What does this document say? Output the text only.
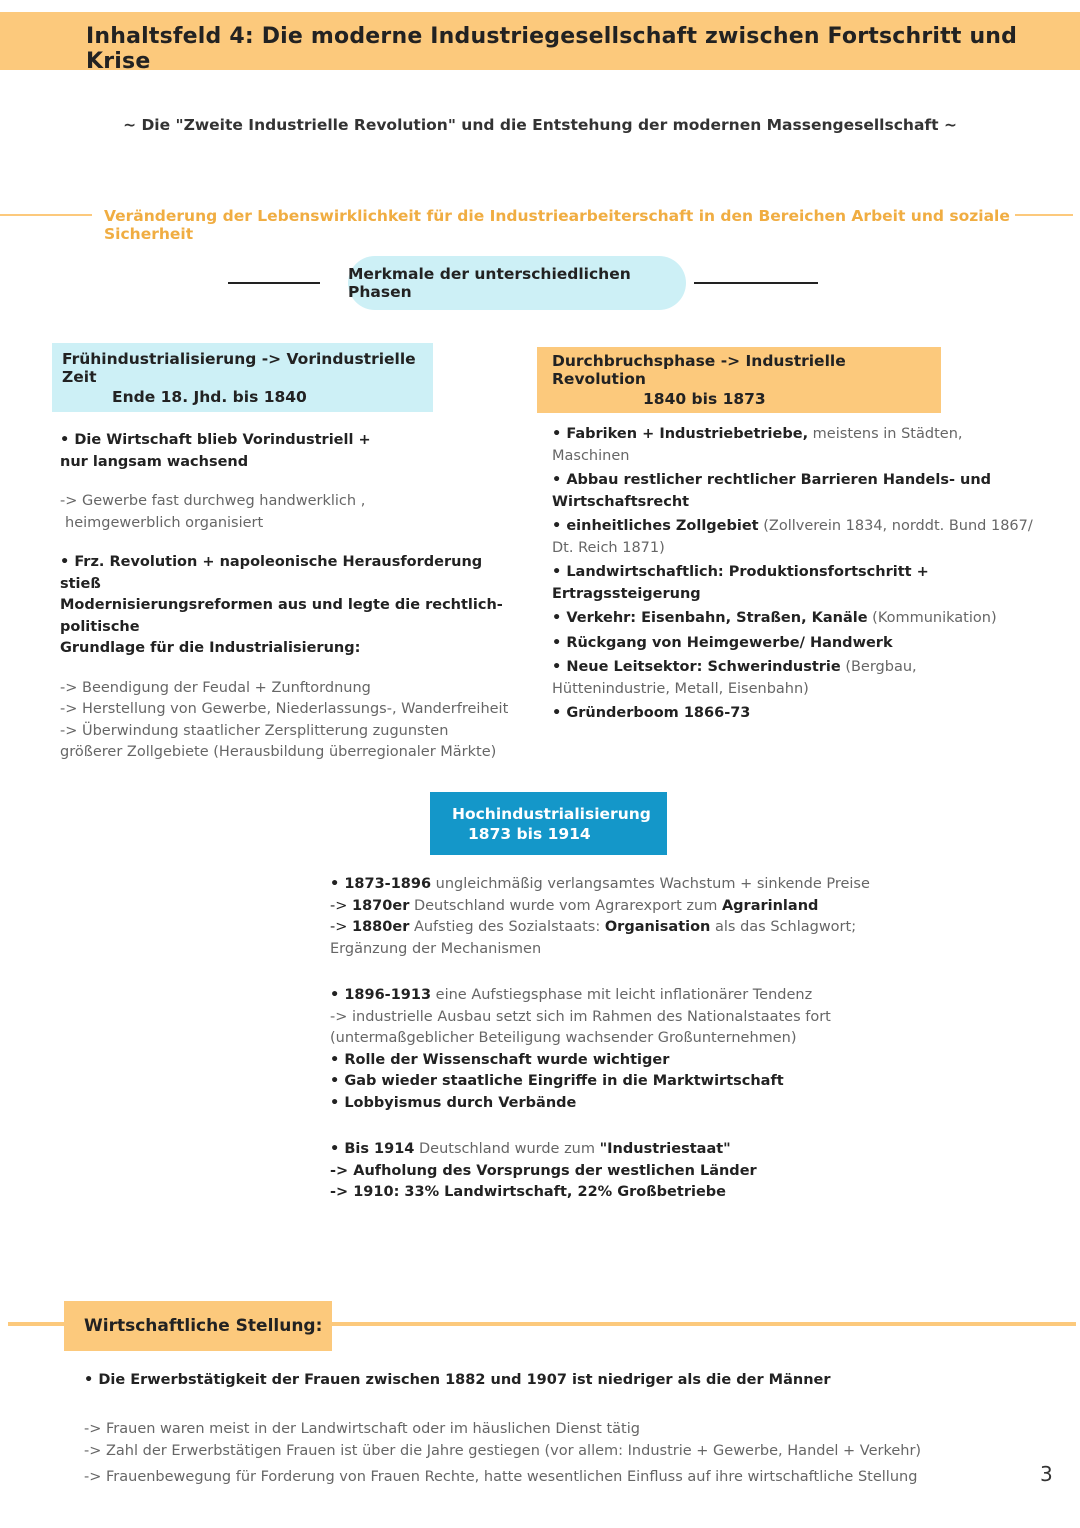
Inhaltsfeld 4: Die moderne Industriegesellschaft zwischen Fortschritt und Krise
~ Die "Zweite Industrielle Revolution" und die Entstehung der modernen Massengesellschaft ~
Veränderung der Lebenswirklichkeit für die Industriearbeiterschaft in den Bereichen Arbeit und soziale Sicherheit
Merkmale der unterschiedlichen Phasen
Frühindustrialisierung -> Vorindustrielle Zeit
Ende 18. Jhd. bis 1840
• Die Wirtschaft blieb Vorindustriell +
nur langsam wachsend
-> Gewerbe fast durchweg handwerklich ,
heimgewerblich organisiert
• Frz. Revolution + napoleonische Herausforderung stieß
Modernisierungsreformen aus und legte die rechtlich-
politische
Grundlage für die Industrialisierung:
-> Beendigung der Feudal + Zunftordnung
-> Herstellung von Gewerbe, Niederlassungs-, Wanderfreiheit
-> Überwindung staatlicher Zersplitterung zugunsten
größerer Zollgebiete (Herausbildung überregionaler Märkte)
Durchbruchsphase -> Industrielle Revolution
1840 bis 1873
• Fabriken + Industriebetriebe, meistens in Städten,
Maschinen
• Abbau restlicher rechtlicher Barrieren Handels- und
Wirtschaftsrecht
• einheitliches Zollgebiet (Zollverein 1834, norddt. Bund 1867/
Dt. Reich 1871)
• Landwirtschaftlich: Produktionsfortschritt +
Ertragssteigerung
• Verkehr: Eisenbahn, Straßen, Kanäle (Kommunikation)
• Rückgang von Heimgewerbe/ Handwerk
• Neue Leitsektor: Schwerindustrie (Bergbau,
Hüttenindustrie, Metall, Eisenbahn)
• Gründerboom 1866-73
Hochindustrialisierung
1873 bis 1914
• 1873-1896 ungleichmäßig verlangsamtes Wachstum + sinkende Preise
-> 1870er Deutschland wurde vom Agrarexport zum Agrarinland
-> 1880er Aufstieg des Sozialstaats: Organisation als das Schlagwort;
Ergänzung der Mechanismen
• 1896-1913 eine Aufstiegsphase mit leicht inflationärer Tendenz
-> industrielle Ausbau setzt sich im Rahmen des Nationalstaates fort
(untermaßgeblicher Beteiligung wachsender Großunternehmen)
• Rolle der Wissenschaft wurde wichtiger
• Gab wieder staatliche Eingriffe in die Marktwirtschaft
• Lobbyismus durch Verbände
• Bis 1914 Deutschland wurde zum "Industriestaat"
-> Aufholung des Vorsprungs der westlichen Länder
-> 1910: 33% Landwirtschaft, 22% Großbetriebe
Wirtschaftliche Stellung:
• Die Erwerbstätigkeit der Frauen zwischen 1882 und 1907 ist niedriger als die der Männer
-> Frauen waren meist in der Landwirtschaft oder im häuslichen Dienst tätig
-> Zahl der Erwerbstätigen Frauen ist über die Jahre gestiegen (vor allem: Industrie + Gewerbe, Handel + Verkehr)
-> Frauenbewegung für Forderung von Frauen Rechte, hatte wesentlichen Einfluss auf ihre wirtschaftliche Stellung	3
